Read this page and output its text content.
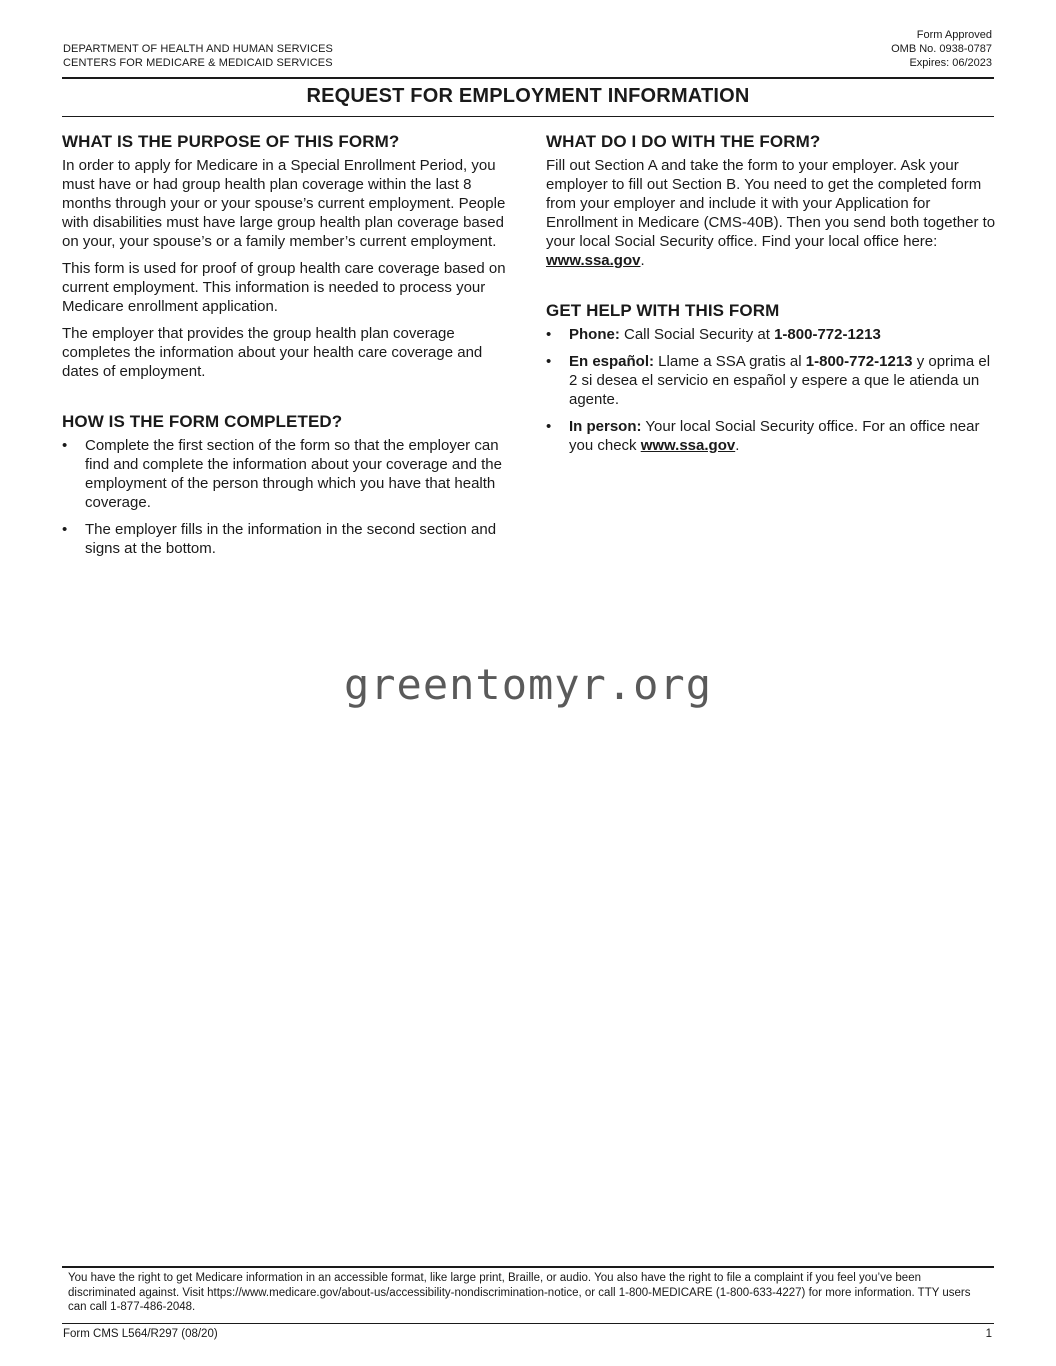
DEPARTMENT OF HEALTH AND HUMAN SERVICES
CENTERS FOR MEDICARE & MEDICAID SERVICES
Form Approved
OMB No. 0938-0787
Expires: 06/2023
REQUEST FOR EMPLOYMENT INFORMATION
WHAT IS THE PURPOSE OF THIS FORM?

In order to apply for Medicare in a Special Enrollment Period, you must have or had group health plan coverage within the last 8 months through your or your spouse’s current employment. People with disabilities must have large group health plan coverage based on your, your spouse’s or a family member’s current employment.

This form is used for proof of group health care coverage based on current employment. This information is needed to process your Medicare enrollment application.

The employer that provides the group health plan coverage completes the information about your health care coverage and dates of employment.

HOW IS THE FORM COMPLETED?
• Complete the first section of the form so that the employer can find and complete the information about your coverage and the employment of the person through which you have that health coverage.
• The employer fills in the information in the second section and signs at the bottom.
WHAT DO I DO WITH THE FORM?

Fill out Section A and take the form to your employer. Ask your employer to fill out Section B. You need to get the completed form from your employer and include it with your Application for Enrollment in Medicare (CMS-40B). Then you send both together to your local Social Security office. Find your local office here: www.ssa.gov.

GET HELP WITH THIS FORM
• Phone: Call Social Security at 1-800-772-1213
• En español: Llame a SSA gratis al 1-800-772-1213 y oprima el 2 si desea el servicio en español y espere a que le atienda un agente.
• In person: Your local Social Security office. For an office near you check www.ssa.gov.
greentomyr.org
You have the right to get Medicare information in an accessible format, like large print, Braille, or audio. You also have the right to file a complaint if you feel you’ve been discriminated against. Visit https://www.medicare.gov/about-us/accessibility-nondiscrimination-notice, or call 1-800-MEDICARE (1-800-633-4227) for more information. TTY users can call 1-877-486-2048.
Form CMS L564/R297 (08/20)	1
